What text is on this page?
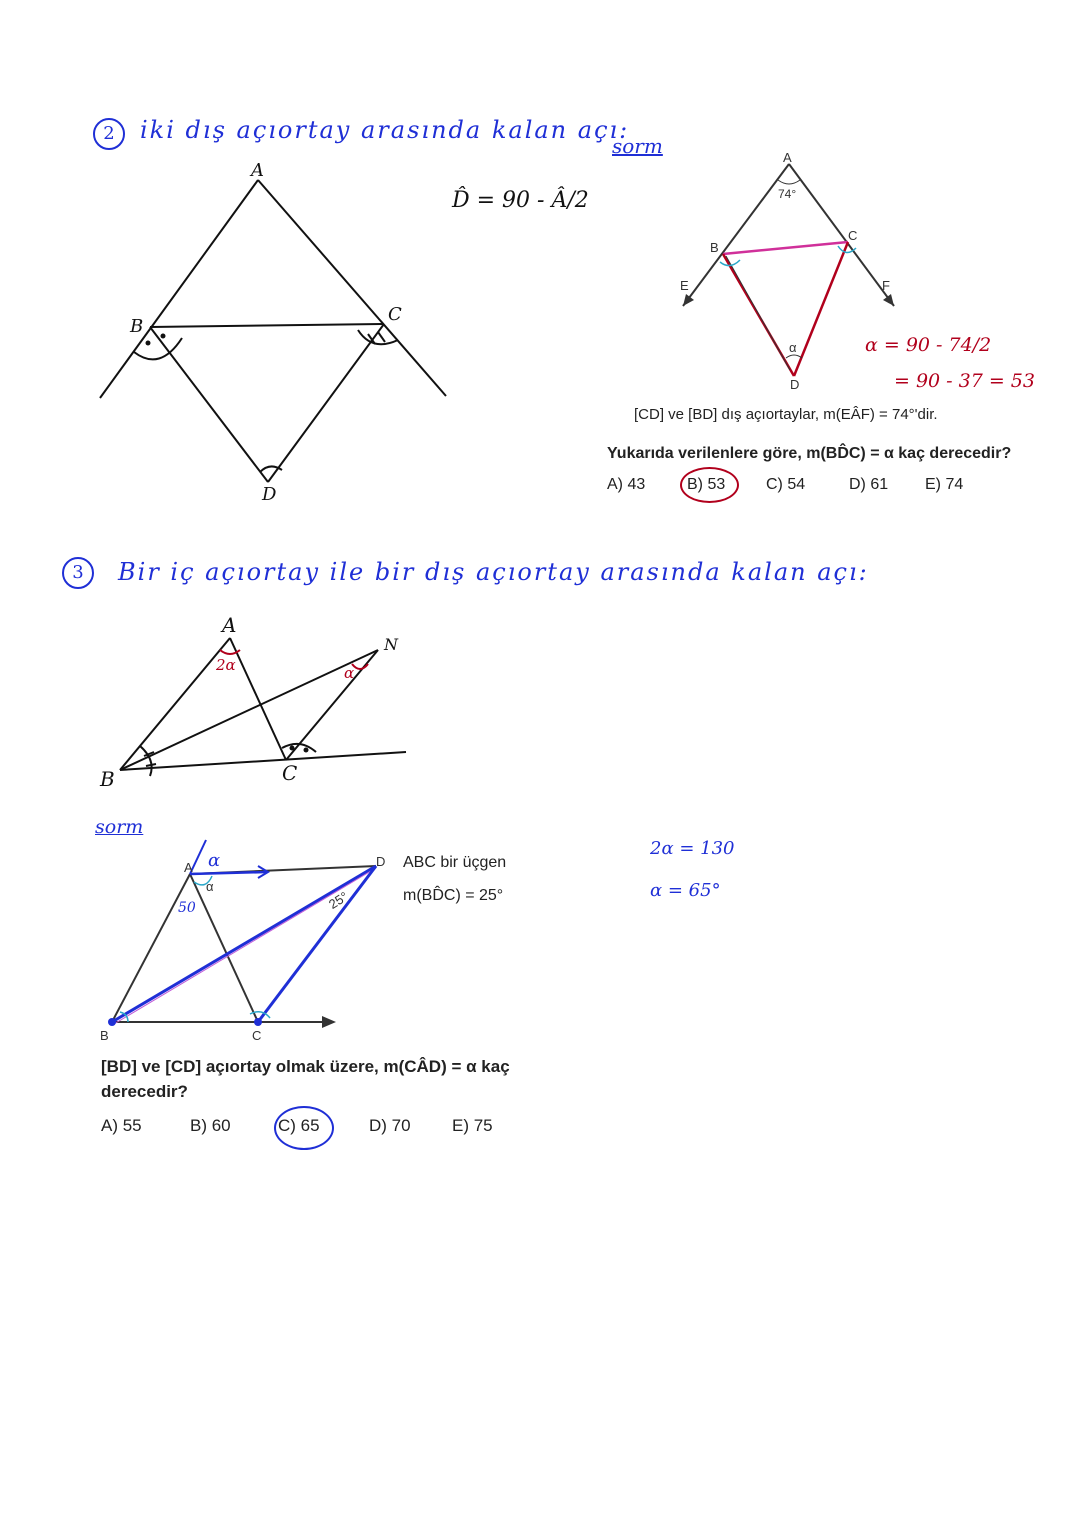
2	iki dış açıortay arasında kalan açı:
D̂ = 90 - Â/2
sorm
A
B
C
D
A
74°
B
C
E	F
α
D
A
B	C
N
2α	α
A
α
D
B	C
25°
α
50
[CD] ve [BD] dış açıortaylar, m(EÂF) = 74°'dir.
Yukarıda verilenlere göre, m(BD̂C) = α kaç derecedir?
A) 43	B) 53	C) 54	D) 61 E) 74
α = 90 - 74/2
= 90 - 37 = 53
3	Bir iç açıortay ile bir dış açıortay arasında kalan açı:
sorm
ABC bir üçgen
m(BD̂C) = 25°
[BD] ve [CD] açıortay olmak üzere, m(CÂD) = α kaç
derecedir?
A) 55	B) 60	C) 65	D) 70 E) 75
2α = 130
α = 65°
